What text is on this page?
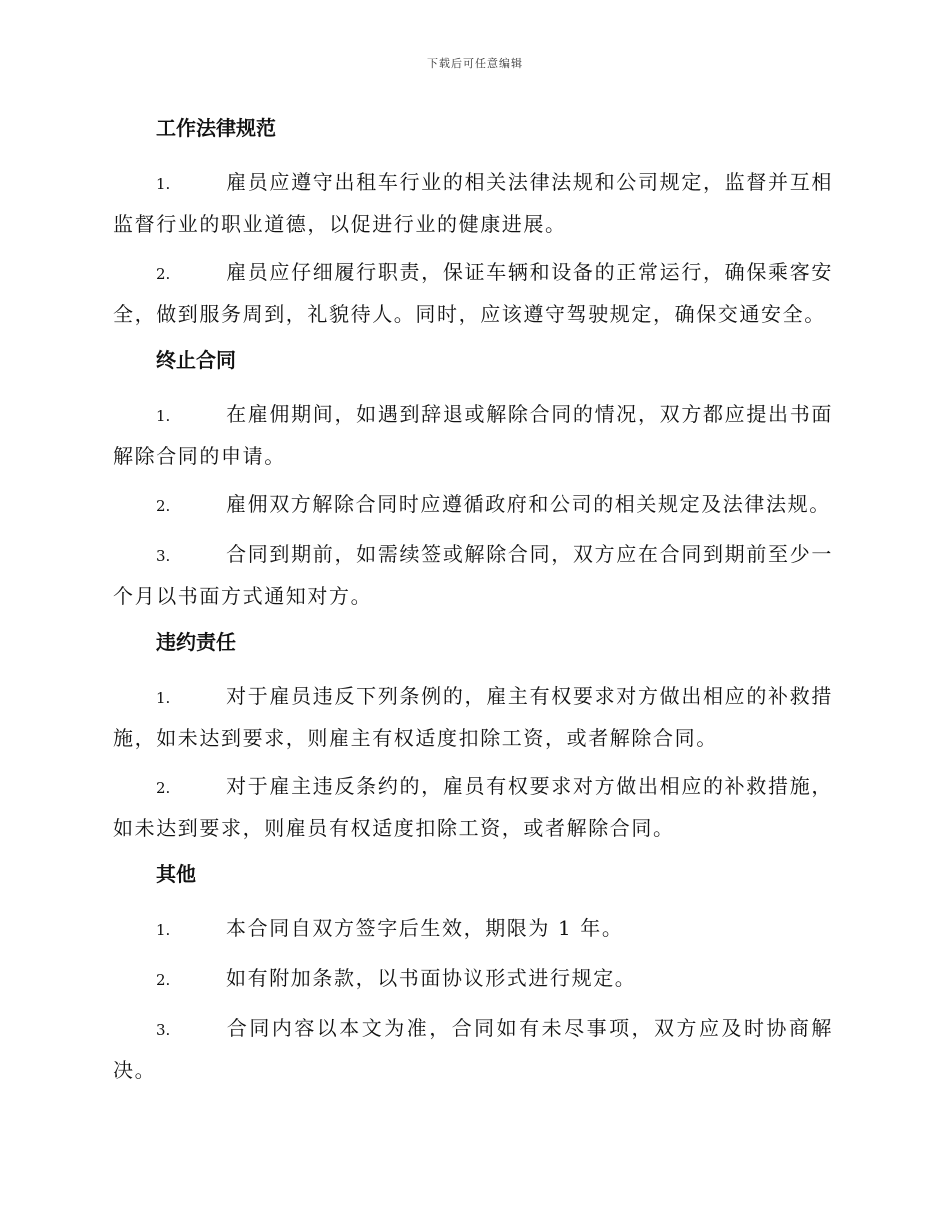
下载后可任意编辑
工作法律规范

1.	雇员应遵守出租车行业的相关法律法规和公司规定，监督并互相监督行业的职业道德，以促进行业的健康进展。

2.	雇员应仔细履行职责，保证车辆和设备的正常运行，确保乘客安全，做到服务周到，礼貌待人。同时，应该遵守驾驶规定，确保交通安全。

终止合同

1.	在雇佣期间，如遇到辞退或解除合同的情况，双方都应提出书面解除合同的申请。

2.	雇佣双方解除合同时应遵循政府和公司的相关规定及法律法规。

3.	合同到期前，如需续签或解除合同，双方应在合同到期前至少一个月以书面方式通知对方。

违约责任

1.	对于雇员违反下列条例的，雇主有权要求对方做出相应的补救措施，如未达到要求，则雇主有权适度扣除工资，或者解除合同。

2.	对于雇主违反条约的，雇员有权要求对方做出相应的补救措施，如未达到要求，则雇员有权适度扣除工资，或者解除合同。

其他

1.	本合同自双方签字后生效，期限为 1 年。

2.	如有附加条款，以书面协议形式进行规定。

3.	合同内容以本文为准，合同如有未尽事项，双方应及时协商解决。
